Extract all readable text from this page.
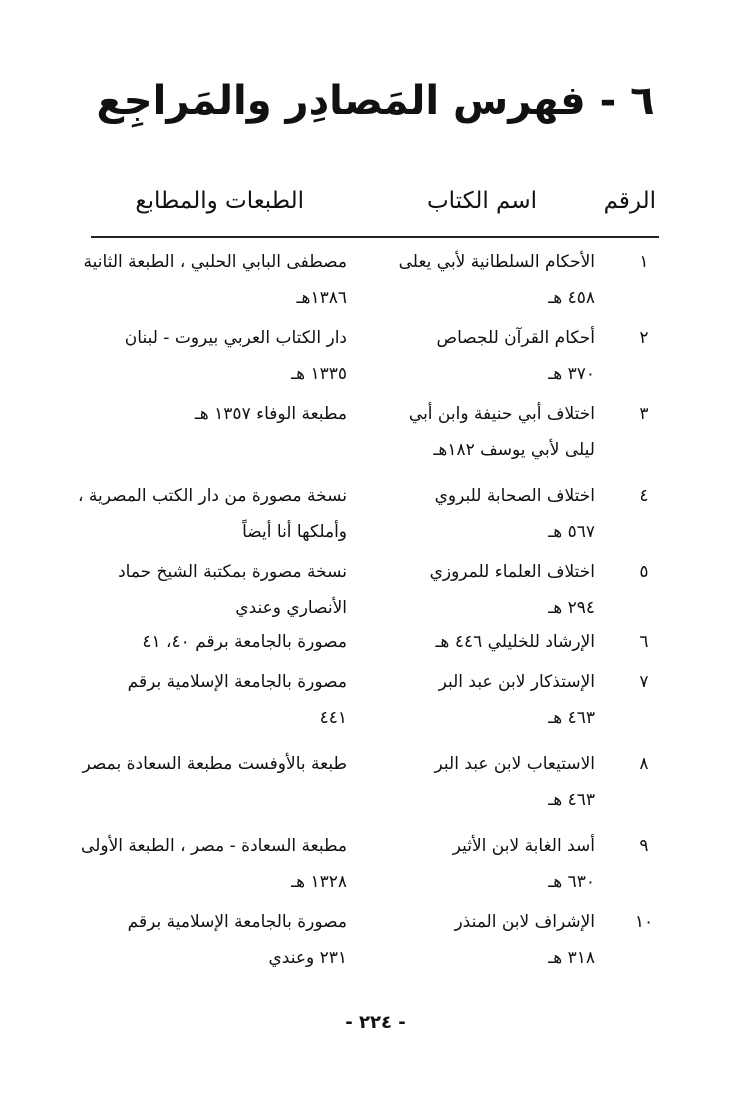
٦ - فهرس المَصادِر والمَراجِع
الرقم
اسم الكتاب
الطبعات والمطابع
١
الأحكام السلطانية لأبي يعلى
٤٥٨ هـ
مصطفى البابي الحلبي ، الطبعة الثانية
١٣٨٦هـ
٢
أحكام القرآن للجصاص
٣٧٠ هـ
دار الكتاب العربي بيروت - لبنان
١٣٣٥ هـ
٣
اختلاف أبي حنيفة وابن أبي
ليلى لأبي يوسف ١٨٢هـ
مطبعة الوفاء ١٣٥٧ هـ
٤
اختلاف الصحابة للبروي
٥٦٧ هـ
نسخة مصورة من دار الكتب المصرية ،
وأملكها أنا أيضاً
٥
اختلاف العلماء للمروزي
٢٩٤ هـ
نسخة مصورة بمكتبة الشيخ حماد
الأنصاري وعندي
٦
الإرشاد للخليلي ٤٤٦ هـ
مصورة بالجامعة برقم ٤٠، ٤١
٧
الإستذكار لابن عبد البر
٤٦٣ هـ
مصورة بالجامعة الإسلامية برقم
٤٤١
٨
الاستيعاب لابن عبد البر
٤٦٣ هـ
طبعة بالأوفست مطبعة السعادة بمصر
٩
أسد الغابة لابن الأثير
٦٣٠ هـ
مطبعة السعادة - مصر ، الطبعة الأولى
١٣٢٨ هـ
١٠
الإشراف لابن المنذر
٣١٨ هـ
مصورة بالجامعة الإسلامية برقم
٢٣١ وعندي
- ٢٢٤ -
